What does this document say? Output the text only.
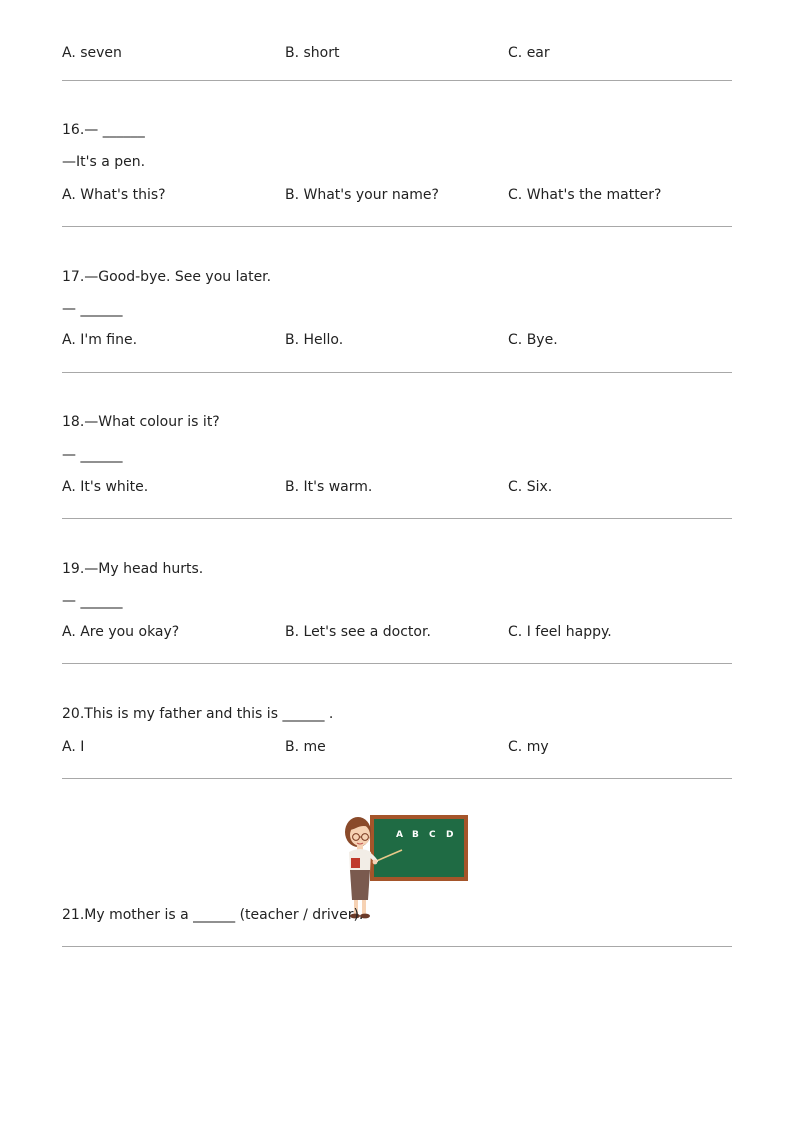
A. seven	B. short	C. ear
16.— ______
—It's a pen.
A. What's this?	B. What's your name?	C. What's the matter?
17.—Good-bye. See you later.
— ______
A. I'm fine.	B. Hello.	C. Bye.
18.—What colour is it?
— ______
A. It's white.	B. It's warm.	C. Six.
19.—My head hurts.
— ______
A. Are you okay?	B. Let's see a doctor.	C. I feel happy.
20.This is my father and this is ______ .
A. I	B. me	C. my
A B C D
21.My mother is a ______ (teacher / driver).
